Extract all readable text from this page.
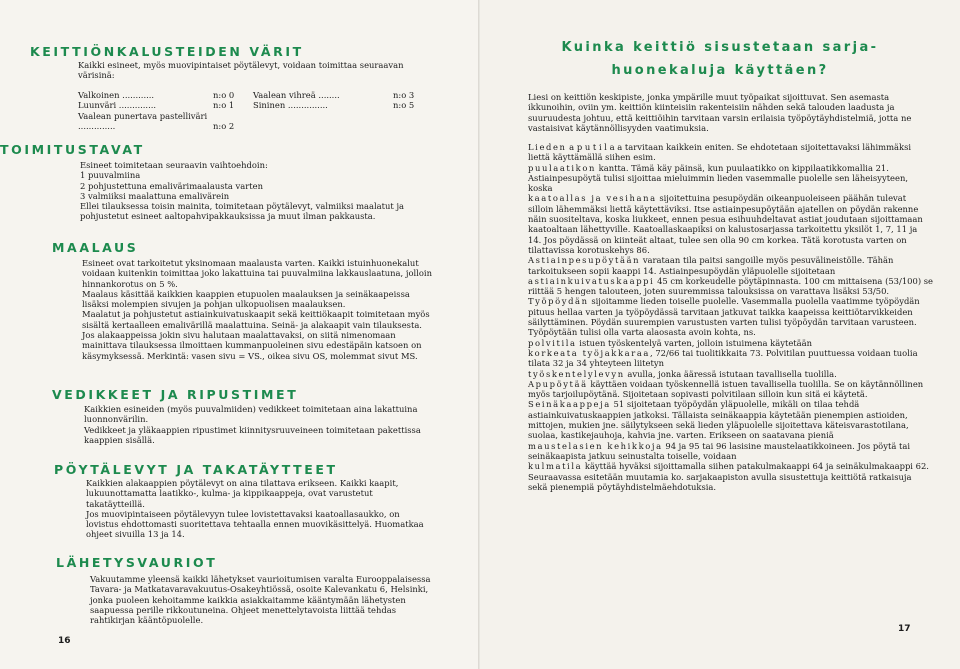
KEITTIÖNKALUSTEIDEN VÄRIT

Kaikki esineet, myös muovipintaiset pöytälevyt, voidaan toimittaa seuraavan värisinä:

Valkoinen ............	n:o 0	Vaalean vihreä ........	n:o 3
Luunväri ..............	n:o 1	Sininen ...............	n:o 5
Vaalean punertava pastelliväri ..............	n:o 2		
TOIMITUSTAVAT

Esineet toimitetaan seuraavin vaihtoehdoin:

1 puuvalmiina

2 pohjustettuna emalivärimaalausta varten

3 valmiiksi maalattuna emalivärein

Ellei tilauksessa toisin mainita, toimitetaan pöytälevyt, valmiiksi maalatut ja pohjustetut esineet aaltopahvipakkauksissa ja muut ilman pakkausta.

MAALAUS

Esineet ovat tarkoitetut yksinomaan maalausta varten. Kaikki istuinhuonekalut voidaan kuitenkin toimittaa joko lakattuina tai puuvalmiina lakkauslaatuna, jolloin hinnankorotus on 5 %.

Maalaus käsittää kaikkien kaappien etupuolen maalauksen ja seinäkaapeissa lisäksi molempien sivujen ja pohjan ulkopuolisen maalauksen.

Maalatut ja pohjustetut astiainkuivatuskaapit sekä keittiökaapit toimitetaan myös sisältä kertaalleen emalivärillä maalattuina. Seinä- ja alakaapit vain tilauksesta.

Jos alakaappeissa jokin sivu halutaan maalattavaksi, on siitä nimenomaan mainittava tilauksessa ilmoittaen kummanpuoleinen sivu edestäpäin katsoen on käsymyksessä. Merkintä: vasen sivu = VS., oikea sivu OS, molemmat sivut MS.

VEDIKKEET JA RIPUSTIMET

Kaikkien esineiden (myös puuvalmiiden) vedikkeet toimitetaan aina lakattuina luonnonvärilin.

Vedikkeet ja yläkaappien ripustimet kiinnitysruuveineen toimitetaan pakettissa kaappien sisällä.

PÖYTÄLEVYT JA TAKATÄYTTEET

Kaikkien alakaappien pöytälevyt on aina tilattava erikseen. Kaikki kaapit, lukuunottamatta laatikko-, kulma- ja kippikaappeja, ovat varustetut takatäytteillä.

Jos muovipintaiseen pöytälevyyn tulee lovistettavaksi kaatoallasaukko, on lovistus ehdottomasti suoritettava tehtaalla ennen muovikäsittelyä. Huomatkaa ohjeet sivuilla 13 ja 14.

LÄHETYSVAURIOT

Vakuutamme yleensä kaikki lähetykset vaurioitumisen varalta Eurooppalaisessa Tavara- ja Matkatavaravakuutus-Osakeyhtiössä, osoite Kalevankatu 6, Helsinki, jonka puoleen kehoitamme kaikkia asiakkaitamme kääntymään lähetysten saapuessa perille rikkoutuneina. Ohjeet menettelytavoista liittää tehdas rahtikirjan kääntöpuolelle.

16
Kuinka keittiö sisustetaan sarja-
huonekaluja käyttäen?

Liesi on keittiön keskipiste, jonka ympärille muut työpaikat sijoittuvat. Sen asemasta ikkunoihin, oviin ym. keittiön kiinteisiin rakenteisiin nähden sekä talouden laadusta ja suuruudesta johtuu, että keittiöihin tarvitaan varsin erilaisia työpöytäyhdistelmiä, jotta ne vastaisivat käytännöllisyyden vaatimuksia.

Lieden a p u t i l a a tarvitaan kaikkein eniten. Se ehdotetaan sijoitettavaksi lähimmäksi liettä käyttämällä siihen esim.

puulaatikon kantta. Tämä käy päinsä, kun puulaatikko on kippilaatikkomallia 21. Astiainpesupöytä tulisi sijoittaa mieluimmin lieden vasemmalle puolelle sen läheisyyteen, koska

kaatoallas ja vesihana sijoitettuina pesupöydän oikeanpuoleiseen päähän tulevat silloin lähemmäksi liettä käytettäviksi. Itse astiainpesupöytään ajatellen on pöydän rakenne näin suositeltava, koska liukkeet, ennen pesua esihuuhdeltavat astiat joudutaan sijoittamaan kaatoaltaan lähettyville. Kaatoallaskaapiksi on kalustosarjassa tarkoitettu yksilöt 1, 7, 11 ja 14. Jos pöydässä on kiinteät altaat, tulee sen olla 90 cm korkea. Tätä korotusta varten on tilattavissa korotuskehys 86.

Astiainpesupöytään varataan tila paitsi sangoille myös pesuvälineistölle. Tähän tarkoitukseen sopii kaappi 14. Astiainpesupöydän yläpuolelle sijoitetaan

astiainkuivatuskaappi 45 cm korkeudelle pöytäpinnasta. 100 cm mittaisena (53/100) se riittää 5 hengen talouteen, joten suuremmissa talouksissa on varattava lisäksi 53/50.

Työpöydän sijoitamme lieden toiselle puolelle. Vasemmalla puolella vaatimme työpöydän pituus hellaa varten ja työpöydässä tarvitaan jatkuvat taikka kaapeissa keittiötarvikkeiden säilyttäminen. Pöydän suurempien varustusten varten tulisi työpöydän tarvitaan varusteen. Työpöytään tulisi olla varta alaosasta avoin kohta, ns.

polvitila istuen työskentelyä varten, jolloin istuimena käytetään

korkeata työjakkaraa, 72/66 tai tuolitikkaita 73. Polvitilan puuttuessa voidaan tuolia tilata 32 ja 34 yhteyteen liitetyn

työskentelylevyn avulla, jonka ääressä istutaan tavallisella tuolilla.

Apupöytää käyttäen voidaan työskennellä istuen tavallisella tuolilla. Se on käytännöllinen myös tarjoilupöytänä. Sijoitetaan sopivasti polvitilaan silloin kun sitä ei käytetä.

Seinäkaappeja 51 sijoitetaan työpöydän yläpuolelle, mikäli on tilaa tehdä astiainkuivatuskaappien jatkoksi. Tällaista seinäkaappia käytetään pienempien astioiden, mittojen, mukien jne. säilytykseen sekä lieden yläpuolelle sijoitettava käteisvarastotilana, suolaa, kastikejauhoja, kahvia jne. varten. Erikseen on saatavana pieniä

maustelasien kehikkoja 94 ja 95 tai 96 lasisine maustelaatikkoineen. Jos pöytä tai seinäkaapista jatkuu seinustalta toiselle, voidaan

kulmatila käyttää hyväksi sijoittamalla siihen patakulmakaappi 64 ja seinäkulmakaappi 62. Seuraavassa esitetään muutamia ko. sarjakaapiston avulla sisustettuja keittiötä ratkaisuja sekä pienempiä pöytäyhdistelmäehdotuksia.

17
